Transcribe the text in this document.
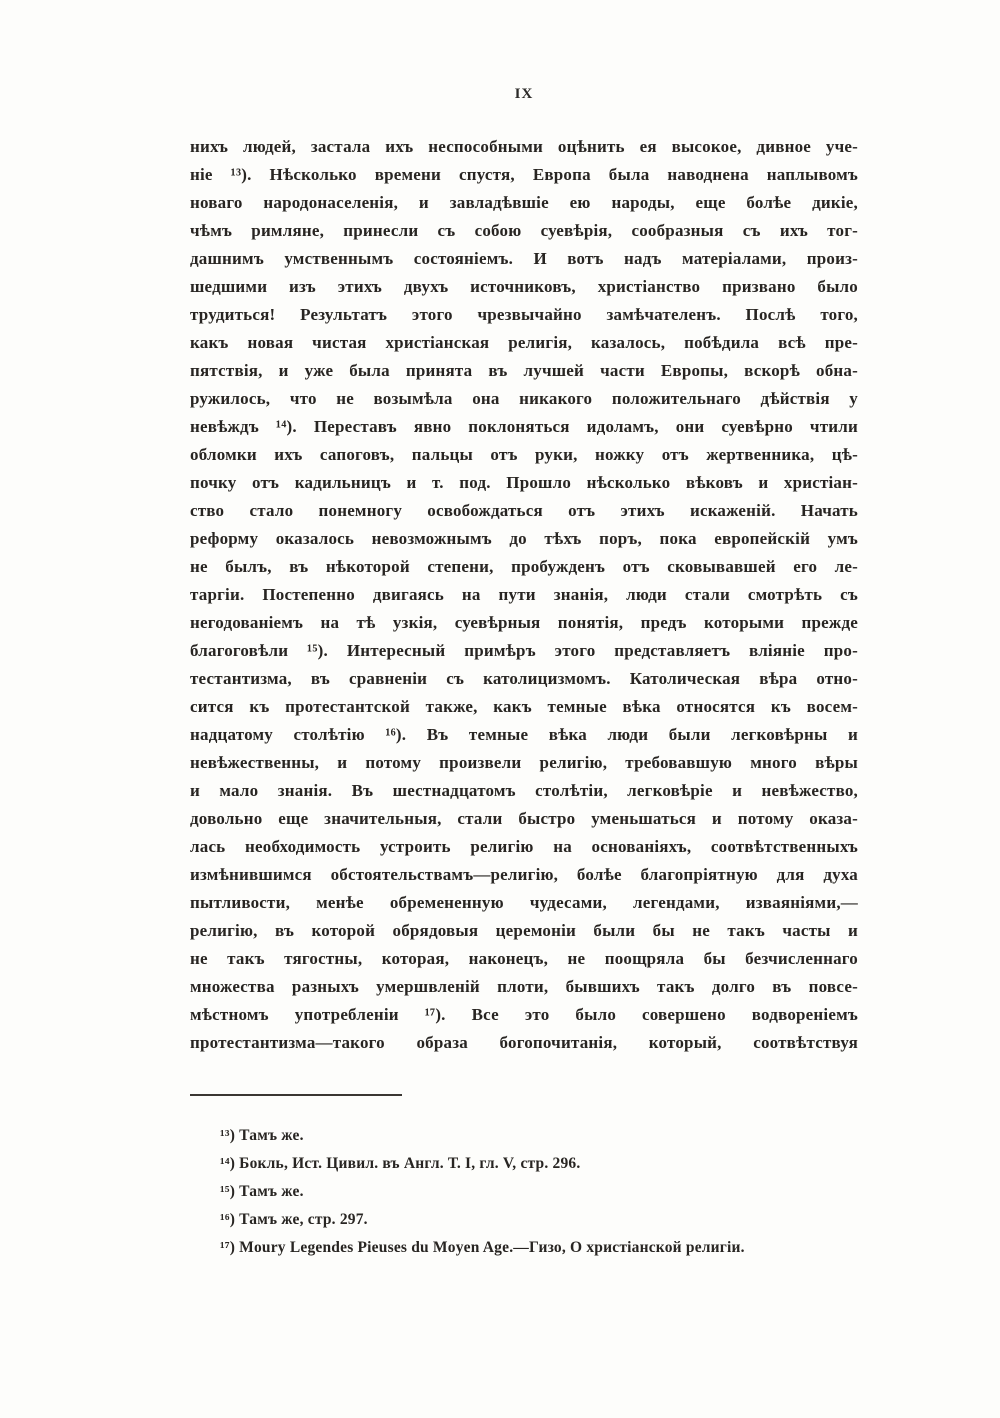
IX
нихъ людей, застала ихъ неспособными оцѣнить ея высокое, дивное уче-
ніе ¹³). Нѣсколько времени спустя, Европа была наводнена наплывомъ
новаго народонаселенія, и завладѣвшіе ею народы, еще болѣе дикіе,
чѣмъ римляне, принесли съ собою суевѣрія, сообразныя съ ихъ тог-
дашнимъ умственнымъ состояніемъ. И вотъ надъ матеріалами, произ-
шедшими изъ этихъ двухъ источниковъ, христіанство призвано было
трудиться! Результатъ этого чрезвычайно замѣчателенъ. Послѣ того,
какъ новая чистая христіанская религія, казалось, побѣдила всѣ пре-
пятствія, и уже была принята въ лучшей части Европы, вскорѣ обна-
ружилось, что не возымѣла она никакого положительнаго дѣйствія у
невѣждъ ¹⁴). Переставъ явно поклоняться идоламъ, они суевѣрно чтили
обломки ихъ сапоговъ, пальцы отъ руки, ножку отъ жертвенника, цѣ-
почку отъ кадильницъ и т. под. Прошло нѣсколько вѣковъ и христіан-
ство стало понемногу освобождаться отъ этихъ искаженій. Начать
реформу оказалось невозможнымъ до тѣхъ поръ, пока европейскій умъ
не былъ, въ нѣкоторой степени, пробужденъ отъ сковывавшей его ле-
таргіи. Постепенно двигаясь на пути знанія, люди стали смотрѣть съ
негодованіемъ на тѣ узкія, суевѣрныя понятія, предъ которыми прежде
благоговѣли ¹⁵). Интересный примѣръ этого представляетъ вліяніе про-
тестантизма, въ сравненіи съ католицизмомъ. Католическая вѣра отно-
сится къ протестантской также, какъ темные вѣка относятся къ восем-
надцатому столѣтію ¹⁶). Въ темные вѣка люди были легковѣрны и
невѣжественны, и потому произвели религію, требовавшую много вѣры
и мало знанія. Въ шестнадцатомъ столѣтіи, легковѣріе и невѣжество,
довольно еще значительныя, стали быстро уменьшаться и потому оказа-
лась необходимость устроить религію на основаніяхъ, соотвѣтственныхъ
измѣнившимся обстоятельствамъ—религію, болѣе благопріятную для духа
пытливости, менѣе обремененную чудесами, легендами, изваяніями,—
религію, въ которой обрядовыя церемоніи были бы не такъ часты и
не такъ тягостны, которая, наконецъ, не поощряла бы безчисленнаго
множества разныхъ умершвленій плоти, бывшихъ такъ долго въ повсе-
мѣстномъ употребленіи ¹⁷). Все это было совершено водвореніемъ
протестантизма—такого образа богопочитанія, который, соотвѣтствуя
¹³) Тамъ же.
¹⁴) Бокль, Ист. Цивил. въ Англ. Т. I, гл. V, стр. 296.
¹⁵) Тамъ же.
¹⁶) Тамъ же, стр. 297.
¹⁷) Moury Legendes Pieuses du Moyen Age.—Гизо, О христіанской религіи.
